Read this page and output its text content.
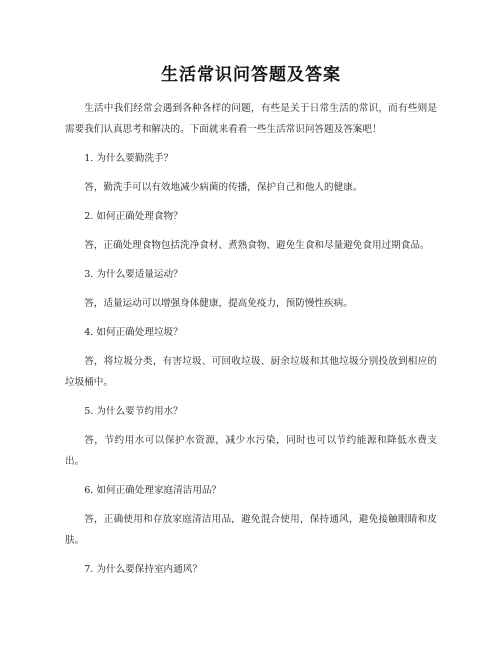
生活常识问答题及答案

生活中我们经常会遇到各种各样的问题，有些是关于日常生活的常识，而有些则是需要我们认真思考和解决的。下面就来看看一些生活常识问答题及答案吧！

1. 为什么要勤洗手？

答，勤洗手可以有效地减少病菌的传播，保护自己和他人的健康。

2. 如何正确处理食物？

答，正确处理食物包括洗净食材、煮熟食物、避免生食和尽量避免食用过期食品。

3. 为什么要适量运动？

答，适量运动可以增强身体健康，提高免疫力，预防慢性疾病。

4. 如何正确处理垃圾？

答，将垃圾分类，有害垃圾、可回收垃圾、厨余垃圾和其他垃圾分别投放到相应的垃圾桶中。

5. 为什么要节约用水？

答，节约用水可以保护水资源，减少水污染，同时也可以节约能源和降低水费支出。

6. 如何正确处理家庭清洁用品？

答，正确使用和存放家庭清洁用品，避免混合使用，保持通风，避免接触眼睛和皮肤。

7. 为什么要保持室内通风？
